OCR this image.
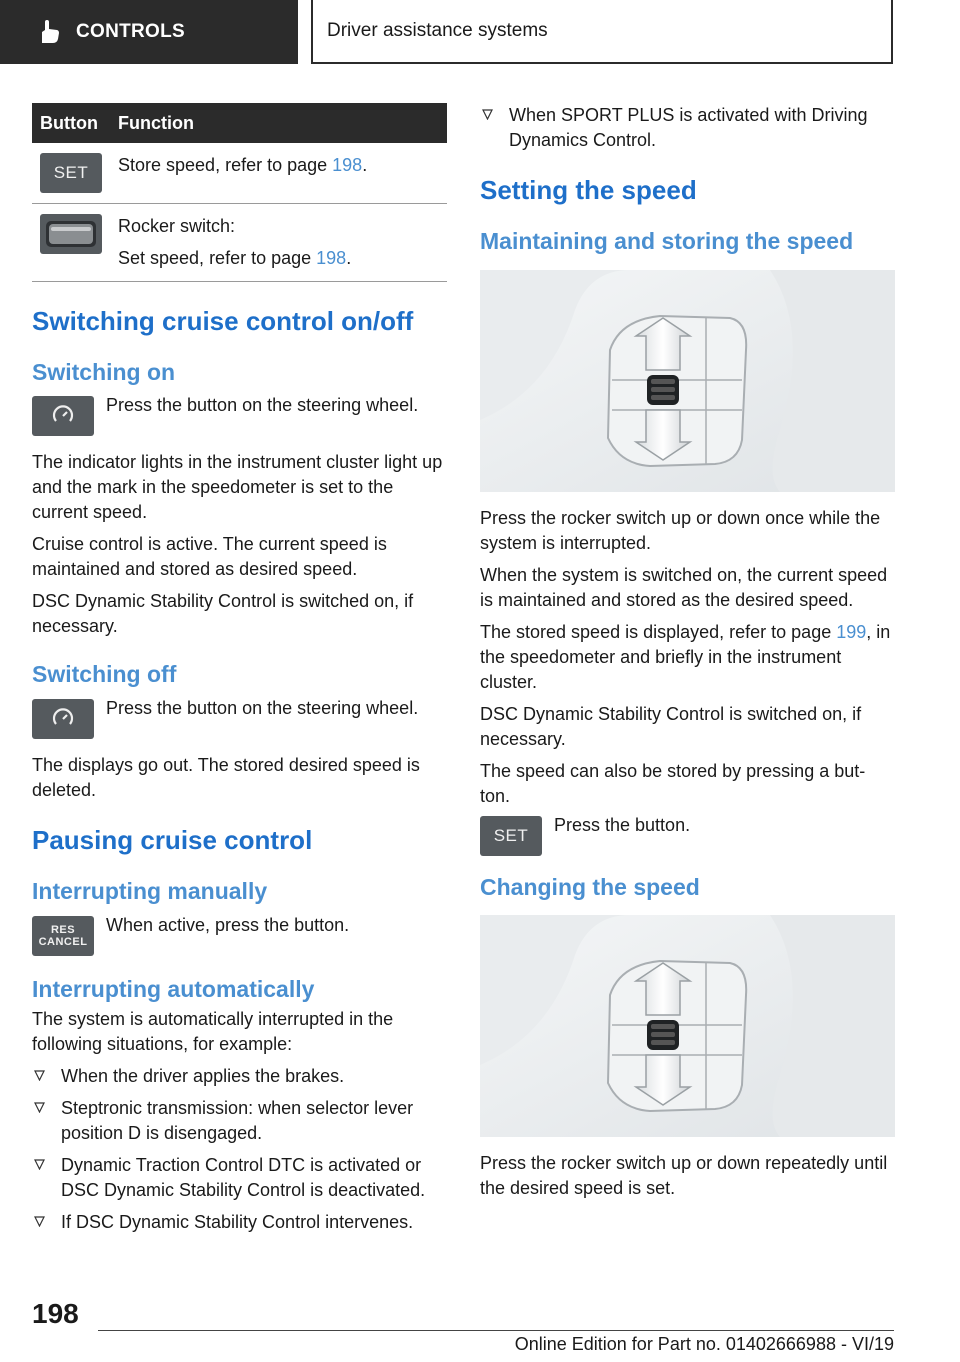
CONTROLS	Driver assistance systems
Button	Function

SET	Store speed, refer to page 198.

Rocker switch:

Set speed, refer to page 198.

Switching cruise control on/off
Switching on
Press the button on the steering wheel.

The indicator lights in the instrument cluster light up and the mark in the speedometer is set to the current speed.

Cruise control is active. The current speed is maintained and stored as desired speed.

DSC Dynamic Stability Control is switched on, if necessary.

Switching off
Press the button on the steering wheel.

The displays go out. The stored desired speed is deleted.

Pausing cruise control
Interrupting manually
RES
CANCEL
When active, press the button.
Interrupting automatically

The system is automatically interrupted in the following situations, for example:

When the driver applies the brakes.
Steptronic transmission: when selector lever position D is disengaged.
Dynamic Traction Control DTC is activated or DSC Dynamic Stability Control is deactivated.
If DSC Dynamic Stability Control intervenes.
When SPORT PLUS is activated with Driving Dynamics Control.
Setting the speed
Maintaining and storing the speed

Press the rocker switch up or down once while the system is interrupted.

When the system is switched on, the current speed is maintained and stored as the desired speed.

The stored speed is displayed, refer to page 199, in the speedometer and briefly in the instrument cluster.

DSC Dynamic Stability Control is switched on, if necessary.

The speed can also be stored by pressing a but‐ton.

SET
Press the button.
Changing the speed

Press the rocker switch up or down repeatedly until the desired speed is set.

198
Online Edition for Part no. 01402666988 - VI/19
